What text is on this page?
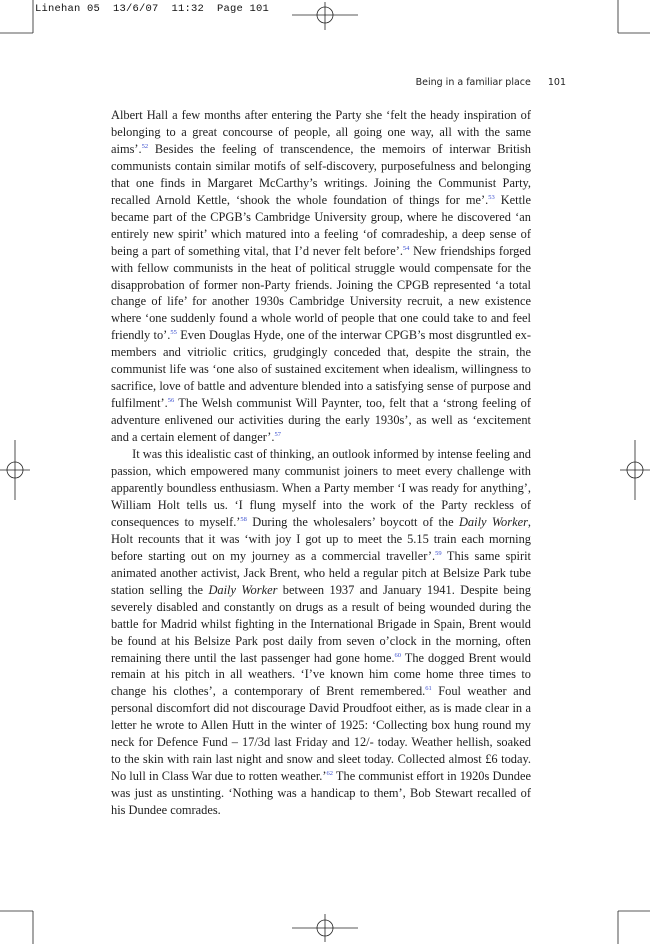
Linehan 05  13/6/07  11:32  Page 101
Being in a familiar place 101

Albert Hall a few months after entering the Party she ‘felt the heady inspiration of belonging to a great concourse of people, all going one way, all with the same aims’.$^{52}$ Besides the feeling of transcendence, the memoirs of interwar British communists contain similar motifs of self-discovery, purposefulness and belonging that one finds in Margaret McCarthy’s writings. Joining the Communist Party, recalled Arnold Kettle, ‘shook the whole foundation of things for me’.$^{53}$ Kettle became part of the CPGB’s Cambridge University group, where he discovered ‘an entirely new spirit’ which matured into a feeling ‘of comradeship, a deep sense of being a part of something vital, that I’d never felt before’.$^{54}$ New friendships forged with fellow communists in the heat of political struggle would compensate for the disapprobation of former non-Party friends. Joining the CPGB represented ‘a total change of life’ for another 1930s Cambridge University recruit, a new existence where ‘one suddenly found a whole world of people that one could take to and feel friendly to’.$^{55}$ Even Douglas Hyde, one of the interwar CPGB’s most disgruntled ex-members and vitriolic critics, grudgingly conceded that, despite the strain, the communist life was ‘one also of sustained excitement when idealism, willingness to sacrifice, love of battle and adventure blended into a satisfying sense of purpose and fulfilment’.$^{56}$ The Welsh communist Will Paynter, too, felt that a ‘strong feeling of adventure enlivened our activities during the early 1930s’, as well as ‘excitement and a certain element of danger’.$^{57}$

It was this idealistic cast of thinking, an outlook informed by intense feeling and passion, which empowered many communist joiners to meet every challenge with apparently boundless enthusiasm. When a Party member ‘I was ready for anything’, William Holt tells us. ‘I flung myself into the work of the Party reckless of consequences to myself.’$^{58}$ During the wholesalers’ boycott of the Daily Worker, Holt recounts that it was ‘with joy I got up to meet the 5.15 train each morning before starting out on my journey as a commercial traveller’.$^{59}$ This same spirit animated another activist, Jack Brent, who held a regular pitch at Belsize Park tube station selling the Daily Worker between 1937 and January 1941. Despite being severely disabled and constantly on drugs as a result of being wounded during the battle for Madrid whilst fighting in the International Brigade in Spain, Brent would be found at his Belsize Park post daily from seven o’clock in the morning, often remaining there until the last passenger had gone home.$^{60}$ The dogged Brent would remain at his pitch in all weathers. ‘I’ve known him come home three times to change his clothes’, a contemporary of Brent remembered.$^{61}$ Foul weather and personal discomfort did not discourage David Proudfoot either, as is made clear in a letter he wrote to Allen Hutt in the winter of 1925: ‘Collecting box hung round my neck for Defence Fund – 17/3d last Friday and 12/- today. Weather hellish, soaked to the skin with rain last night and snow and sleet today. Collected almost £6 today. No lull in Class War due to rotten weather.’$^{62}$ The communist effort in 1920s Dundee was just as unstinting. ‘Nothing was a handicap to them’, Bob Stewart recalled of his Dundee comrades.
